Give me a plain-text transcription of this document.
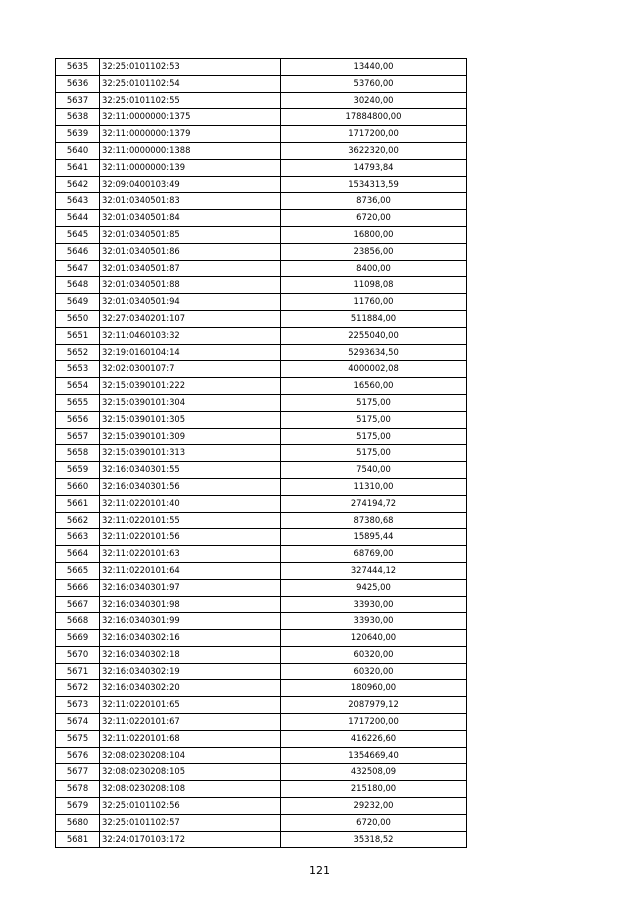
5635	32:25:0101102:53	13440,00
5636	32:25:0101102:54	53760,00
5637	32:25:0101102:55	30240,00
5638	32:11:0000000:1375	17884800,00
5639	32:11:0000000:1379	1717200,00
5640	32:11:0000000:1388	3622320,00
5641	32:11:0000000:139	14793,84
5642	32:09:0400103:49	1534313,59
5643	32:01:0340501:83	8736,00
5644	32:01:0340501:84	6720,00
5645	32:01:0340501:85	16800,00
5646	32:01:0340501:86	23856,00
5647	32:01:0340501:87	8400,00
5648	32:01:0340501:88	11098,08
5649	32:01:0340501:94	11760,00
5650	32:27:0340201:107	511884,00
5651	32:11:0460103:32	2255040,00
5652	32:19:0160104:14	5293634,50
5653	32:02:0300107:7	4000002,08
5654	32:15:0390101:222	16560,00
5655	32:15:0390101:304	5175,00
5656	32:15:0390101:305	5175,00
5657	32:15:0390101:309	5175,00
5658	32:15:0390101:313	5175,00
5659	32:16:0340301:55	7540,00
5660	32:16:0340301:56	11310,00
5661	32:11:0220101:40	274194,72
5662	32:11:0220101:55	87380,68
5663	32:11:0220101:56	15895,44
5664	32:11:0220101:63	68769,00
5665	32:11:0220101:64	327444,12
5666	32:16:0340301:97	9425,00
5667	32:16:0340301:98	33930,00
5668	32:16:0340301:99	33930,00
5669	32:16:0340302:16	120640,00
5670	32:16:0340302:18	60320,00
5671	32:16:0340302:19	60320,00
5672	32:16:0340302:20	180960,00
5673	32:11:0220101:65	2087979,12
5674	32:11:0220101:67	1717200,00
5675	32:11:0220101:68	416226,60
5676	32:08:0230208:104	1354669,40
5677	32:08:0230208:105	432508,09
5678	32:08:0230208:108	215180,00
5679	32:25:0101102:56	29232,00
5680	32:25:0101102:57	6720,00
5681	32:24:0170103:172	35318,52
121
